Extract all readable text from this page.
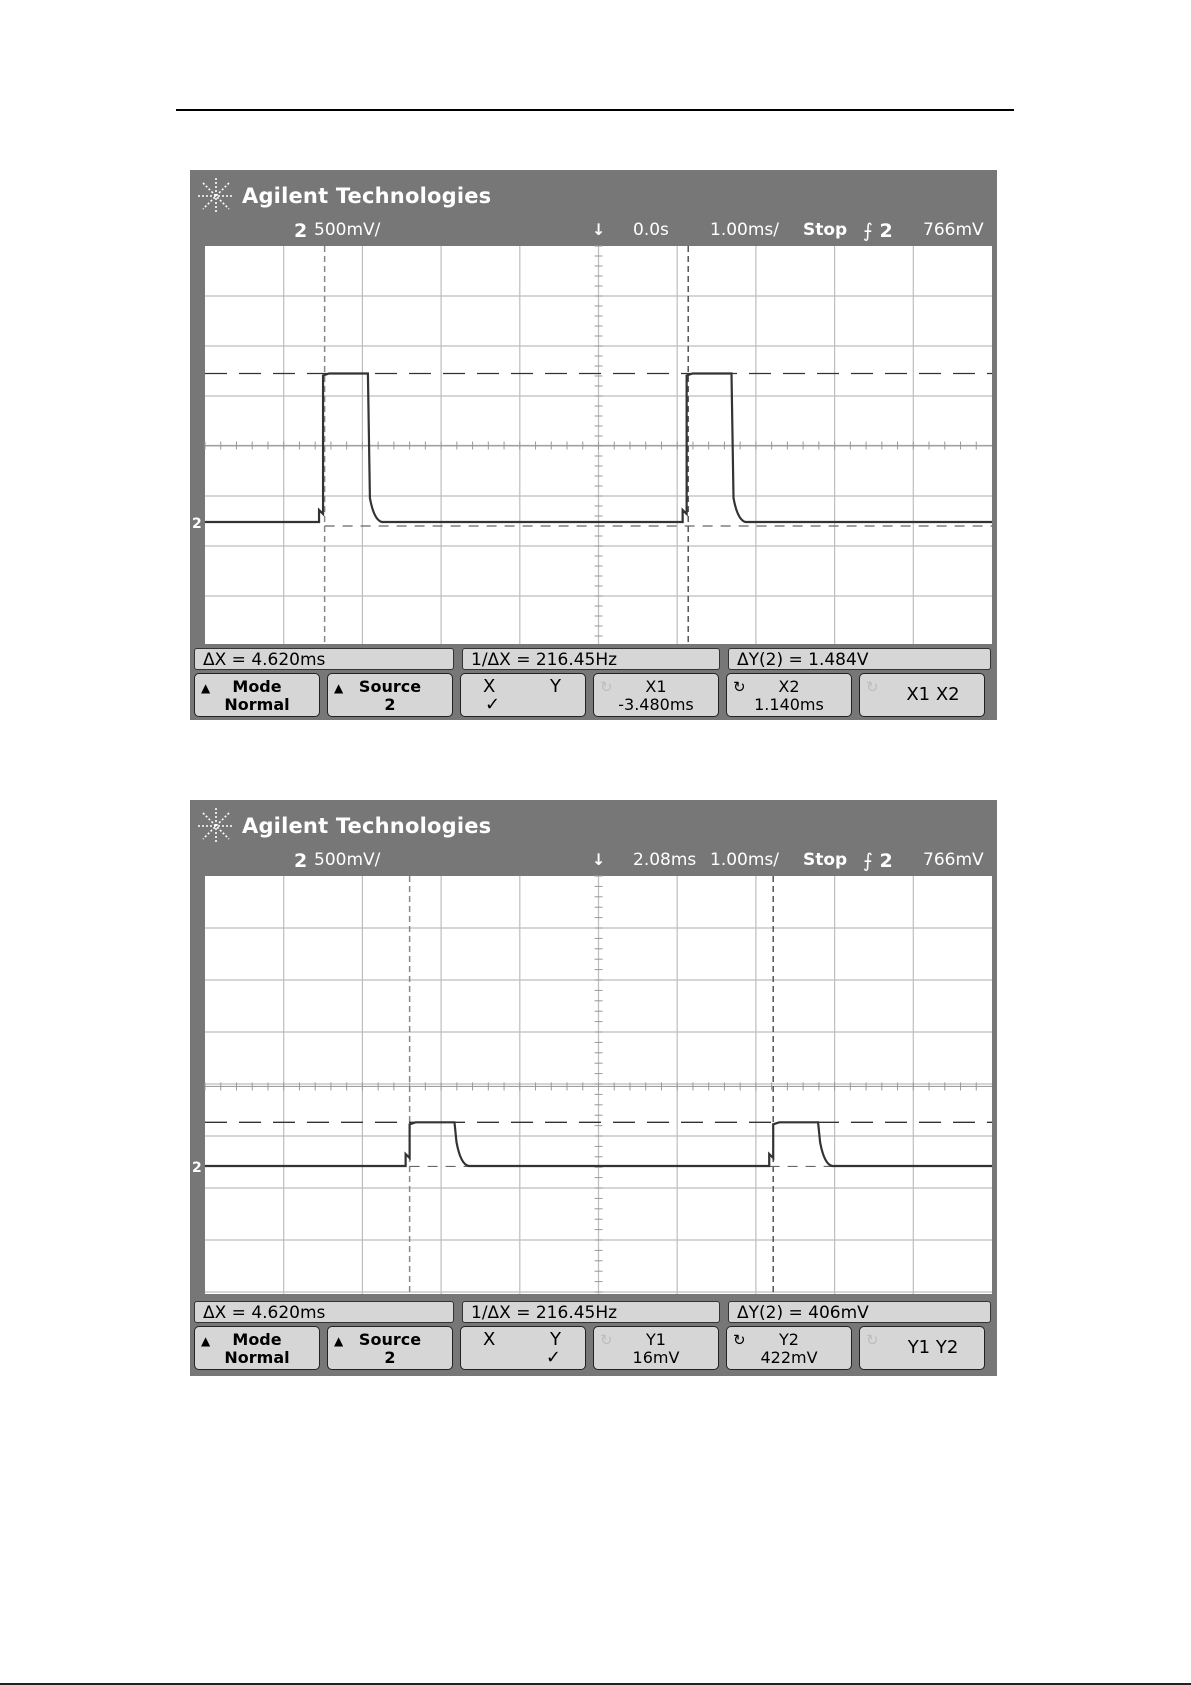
Agilent Technologies
2 500mV/	↓ 0.0s 1.00ms/ Stop ⨍ 2 766mV
2
ΔX = 4.620ms	1/ΔX = 216.45Hz	ΔY(2) = 1.484V
▲	Mode
Normal
▲ Source
2
X	Y
✓
↻	X1
-3.480ms
↻	X2
1.140ms
↻	X1 X2
Agilent Technologies
2 500mV/	↓ 2.08ms 1.00ms/ Stop ⨍ 2 766mV
2
ΔX = 4.620ms	1/ΔX = 216.45Hz	ΔY(2) = 406mV
▲	Mode
Normal
▲ Source
2
X	Y
✓
↻	Y1
16mV
↻	Y2
422mV
↻	Y1 Y2
